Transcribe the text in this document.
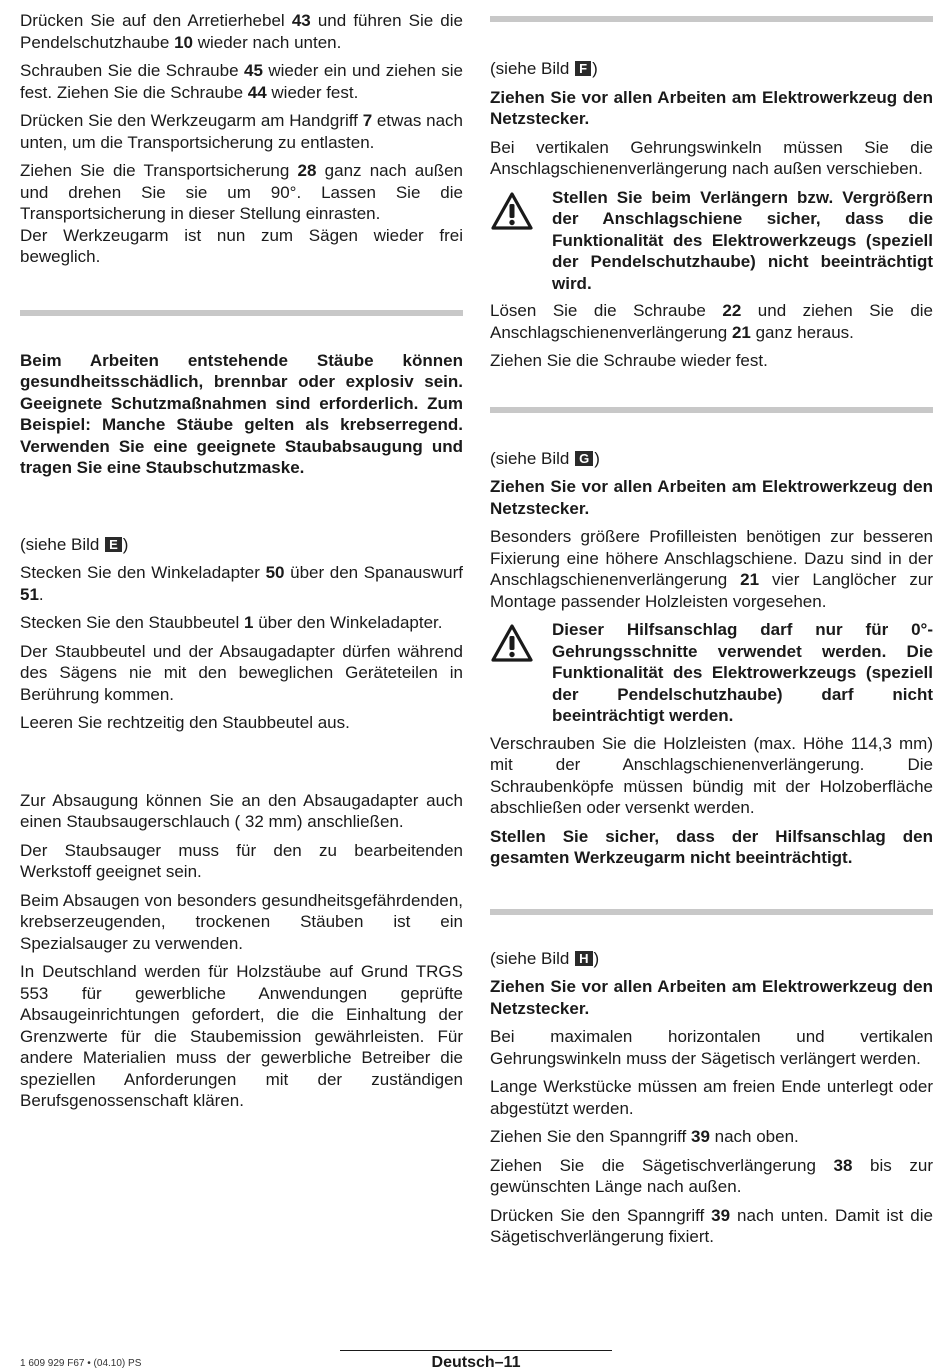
Drücken Sie auf den Arretierhebel 43 und führen Sie die Pendelschutzhaube 10 wieder nach unten.

Schrauben Sie die Schraube 45 wieder ein und ziehen sie fest. Ziehen Sie die Schraube 44 wieder fest.

Drücken Sie den Werkzeugarm am Handgriff 7 etwas nach unten, um die Transportsicherung zu entlasten.

Ziehen Sie die Transportsicherung 28 ganz nach außen und drehen Sie sie um 90°. Lassen Sie die Transportsicherung in dieser Stellung einrasten.

Der Werkzeugarm ist nun zum Sägen wieder frei beweglich.

Beim Arbeiten entstehende Stäube können gesundheitsschädlich, brennbar oder explosiv sein. Geeignete Schutzmaßnahmen sind erforderlich. Zum Beispiel: Manche Stäube gelten als krebserregend. Verwenden Sie eine geeignete Staubabsaugung und tragen Sie eine Staubschutzmaske.

(siehe Bild E )

Stecken Sie den Winkeladapter 50 über den Spanauswurf 51.

Stecken Sie den Staubbeutel 1 über den Winkeladapter.

Der Staubbeutel und der Absaugadapter dürfen während des Sägens nie mit den beweglichen Geräteteilen in Berührung kommen.

Leeren Sie rechtzeitig den Staubbeutel aus.

Zur Absaugung können Sie an den Absaugadapter auch einen Staubsaugerschlauch ( 32 mm) anschließen.

Der Staubsauger muss für den zu bearbeitenden Werkstoff geeignet sein.

Beim Absaugen von besonders gesundheitsgefährdenden, krebserzeugenden, trockenen Stäuben ist ein Spezialsauger zu verwenden.

In Deutschland werden für Holzstäube auf Grund TRGS 553 für gewerbliche Anwendungen geprüfte Absaugeinrichtungen gefordert, die die Einhaltung der Grenzwerte für die Staubemission gewährleisten. Für andere Materialien muss der gewerbliche Betreiber die speziellen Anforderungen mit der zuständigen Berufsgenossenschaft klären.

(siehe Bild F )

Ziehen Sie vor allen Arbeiten am Elektrowerkzeug den Netzstecker.

Bei vertikalen Gehrungswinkeln müssen Sie die Anschlagschienenverlängerung nach außen verschieben.

Stellen Sie beim Verlängern bzw. Vergrößern der Anschlagschiene sicher, dass die Funktionalität des Elektrowerkzeugs (speziell der Pendelschutzhaube) nicht beeinträchtigt wird.

Lösen Sie die Schraube 22 und ziehen Sie die Anschlagschienenverlängerung 21 ganz heraus.

Ziehen Sie die Schraube wieder fest.

(siehe Bild G )

Ziehen Sie vor allen Arbeiten am Elektrowerkzeug den Netzstecker.

Besonders größere Profilleisten benötigen zur besseren Fixierung eine höhere Anschlagschiene. Dazu sind in der Anschlagschienenverlängerung 21 vier Langlöcher zur Montage passender Holzleisten vorgesehen.

Dieser Hilfsanschlag darf nur für 0°-Gehrungsschnitte verwendet werden. Die Funktionalität des Elektrowerkzeugs (speziell der Pendelschutzhaube) darf nicht beeinträchtigt werden.

Verschrauben Sie die Holzleisten (max. Höhe 114,3 mm) mit der Anschlagschienenverlängerung. Die Schraubenköpfe müssen bündig mit der Holzoberfläche abschließen oder versenkt werden.

Stellen Sie sicher, dass der Hilfsanschlag den gesamten Werkzeugarm nicht beeinträchtigt.

(siehe Bild H )

Ziehen Sie vor allen Arbeiten am Elektrowerkzeug den Netzstecker.

Bei maximalen horizontalen und vertikalen Gehrungswinkeln muss der Sägetisch verlängert werden.

Lange Werkstücke müssen am freien Ende unterlegt oder abgestützt werden.

Ziehen Sie den Spanngriff 39 nach oben.

Ziehen Sie die Sägetischverlängerung 38 bis zur gewünschten Länge nach außen.

Drücken Sie den Spanngriff 39 nach unten. Damit ist die Sägetischverlängerung fixiert.

1 609 929 F67 • (04.10) PS	Deutsch–11
